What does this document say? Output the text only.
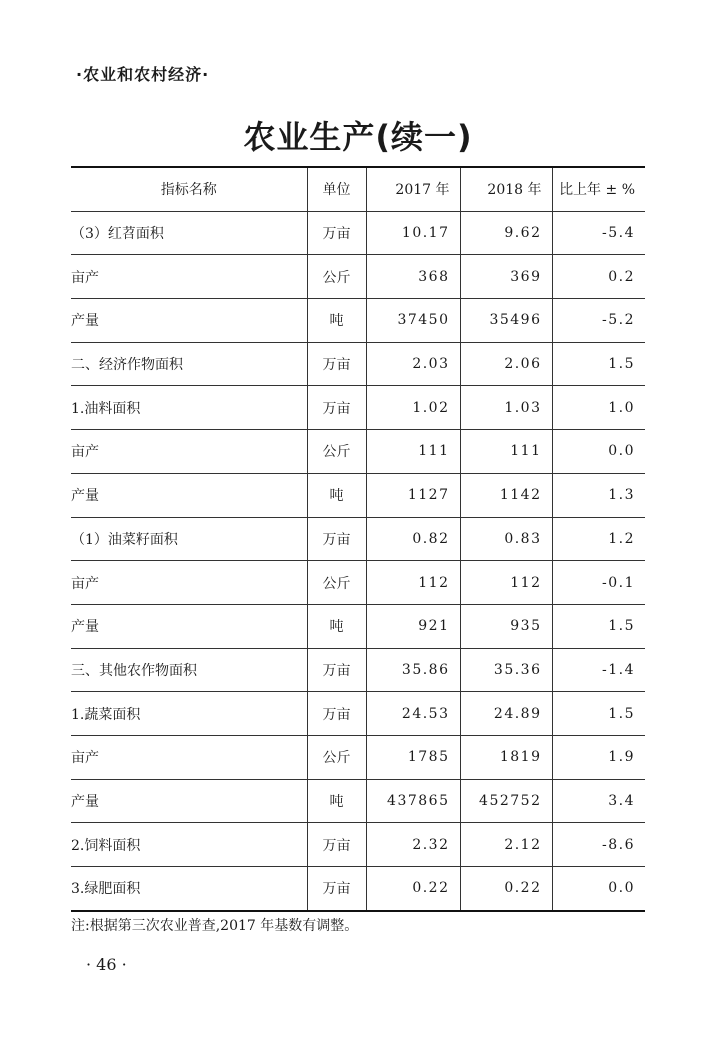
·农业和农村经济·
农业生产(续一)
指标名称	单位	2017 年	2018 年	比上年 ± %
（3）红苕面积	万亩	10.17	9.62	-5.4
亩产	公斤	368	369	0.2
产量	吨	37450	35496	-5.2
二、经济作物面积	万亩	2.03	2.06	1.5
1.油料面积	万亩	1.02	1.03	1.0
亩产	公斤	111	111	0.0
产量	吨	1127	1142	1.3
（1）油菜籽面积	万亩	0.82	0.83	1.2
亩产	公斤	112	112	-0.1
产量	吨	921	935	1.5
三、其他农作物面积	万亩	35.86	35.36	-1.4
1.蔬菜面积	万亩	24.53	24.89	1.5
亩产	公斤	1785	1819	1.9
产量	吨	437865	452752	3.4
2.饲料面积	万亩	2.32	2.12	-8.6
3.绿肥面积	万亩	0.22	0.22	0.0
注:根据第三次农业普查,2017 年基数有调整。
· 46 ·
